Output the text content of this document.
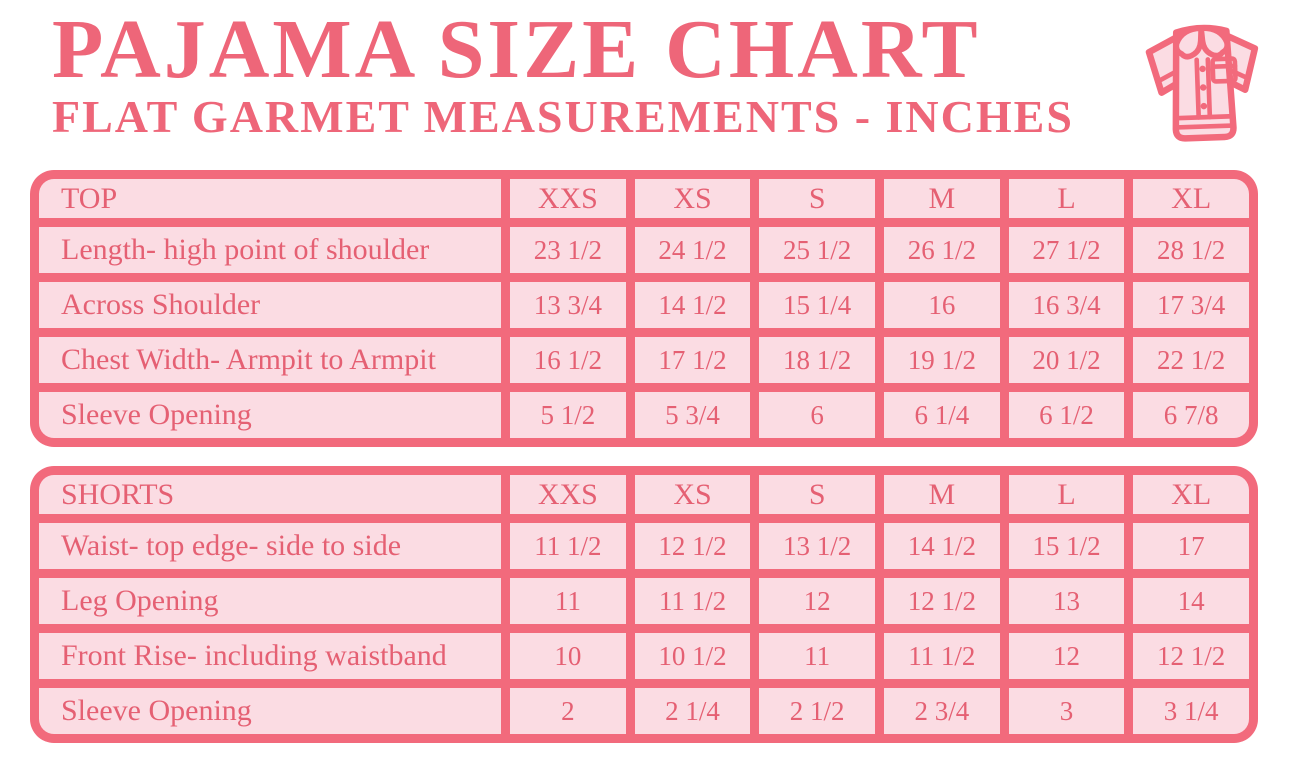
PAJAMA SIZE CHART
FLAT GARMET MEASUREMENTS - INCHES
TOP	XXS	XS	S	M	L	XL
Length- high point of shoulder	23 1/2	24 1/2	25 1/2	26 1/2	27 1/2	28 1/2
Across Shoulder	13 3/4	14 1/2	15 1/4	16	16 3/4	17 3/4
Chest Width- Armpit to Armpit	16 1/2	17 1/2	18 1/2	19 1/2	20 1/2	22 1/2
Sleeve Opening	5 1/2	5 3/4	6	6 1/4	6 1/2	6 7/8
SHORTS	XXS	XS	S	M	L	XL
Waist- top edge- side to side	11 1/2	12 1/2	13 1/2	14 1/2	15 1/2	17
Leg Opening	11	11 1/2	12	12 1/2	13	14
Front Rise- including waistband	10	10 1/2	11	11 1/2	12	12 1/2
Sleeve Opening	2	2 1/4	2 1/2	2 3/4	3	3 1/4
